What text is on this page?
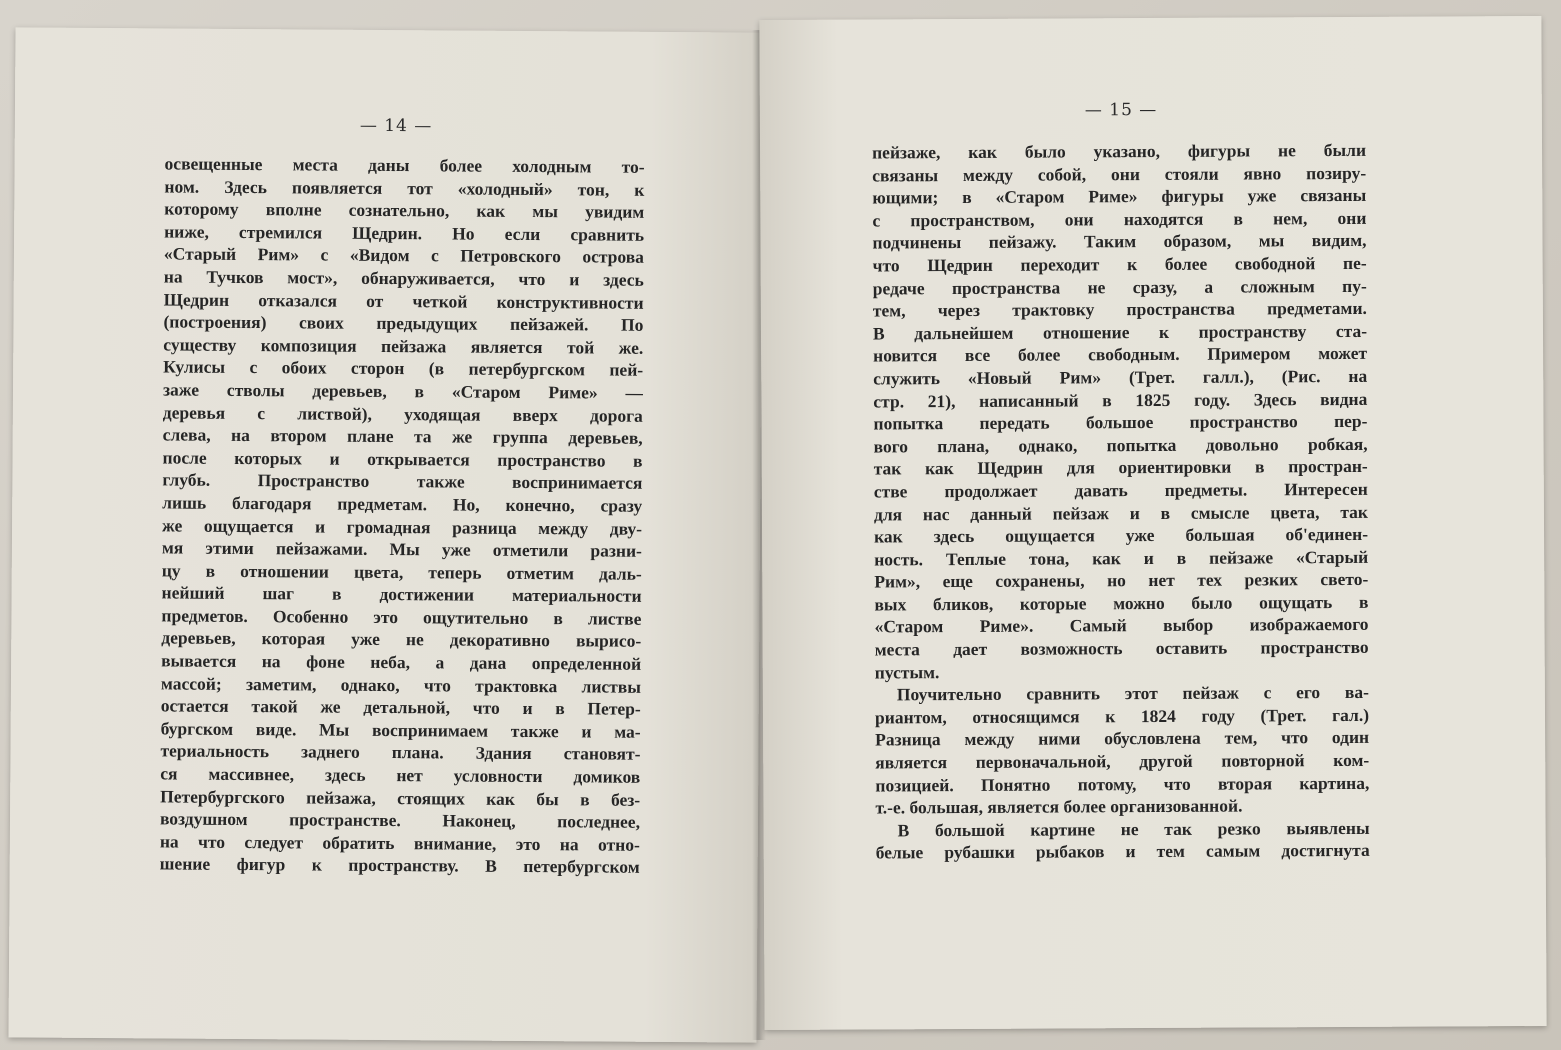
— 14 —
освещенные места даны более холодным то-
ном. Здесь появляется тот «холодный» тон, к
которому вполне сознательно, как мы увидим
ниже, стремился Щедрин. Но если сравнить
«Старый Рим» с «Видом с Петровского острова
на Тучков мост», обнаруживается, что и здесь
Щедрин отказался от четкой конструктивности
(построения) своих предыдущих пейзажей. По
существу композиция пейзажа является той же.
Кулисы с обоих сторон (в петербургском пей-
заже стволы деревьев, в «Старом Риме» —
деревья с листвой), уходящая вверх дорога
слева, на втором плане та же группа деревьев,
после которых и открывается пространство в
глубь. Пространство также воспринимается
лишь благодаря предметам. Но, конечно, сразу
же ощущается и громадная разница между дву-
мя этими пейзажами. Мы уже отметили разни-
цу в отношении цвета, теперь отметим даль-
нейший шаг в достижении материальности
предметов. Особенно это ощутительно в листве
деревьев, которая уже не декоративно вырисо-
вывается на фоне неба, а дана определенной
массой; заметим, однако, что трактовка листвы
остается такой же детальной, что и в Петер-
бургском виде. Мы воспринимаем также и ма-
териальность заднего плана. Здания становят-
ся массивнее, здесь нет условности домиков
Петербургского пейзажа, стоящих как бы в без-
воздушном пространстве. Наконец, последнее,
на что следует обратить внимание, это на отно-
шение фигур к пространству. В петербургском
— 15 —
пейзаже, как было указано, фигуры не были
связаны между собой, они стояли явно позиру-
ющими; в «Старом Риме» фигуры уже связаны
с пространством, они находятся в нем, они
подчинены пейзажу. Таким образом, мы видим,
что Щедрин переходит к более свободной пе-
редаче пространства не сразу, а сложным пу-
тем, через трактовку пространства предметами.
В дальнейшем отношение к пространству ста-
новится все более свободным. Примером может
служить «Новый Рим» (Трет. галл.), (Рис. на
стр. 21), написанный в 1825 году. Здесь видна
попытка передать большое пространство пер-
вого плана, однако, попытка довольно робкая,
так как Щедрин для ориентировки в простран-
стве продолжает давать предметы. Интересен
для нас данный пейзаж и в смысле цвета, так
как здесь ощущается уже большая об'единен-
ность. Теплые тона, как и в пейзаже «Старый
Рим», еще сохранены, но нет тех резких свето-
вых бликов, которые можно было ощущать в
«Старом Риме». Самый выбор изображаемого
места дает возможность оставить пространство
пустым.
Поучительно сравнить этот пейзаж с его ва-
риантом, относящимся к 1824 году (Трет. гал.)
Разница между ними обусловлена тем, что один
является первоначальной, другой повторной ком-
позицией. Понятно потому, что вторая картина,
т.-е. большая, является более организованной.
В большой картине не так резко выявлены
белые рубашки рыбаков и тем самым достигнута
